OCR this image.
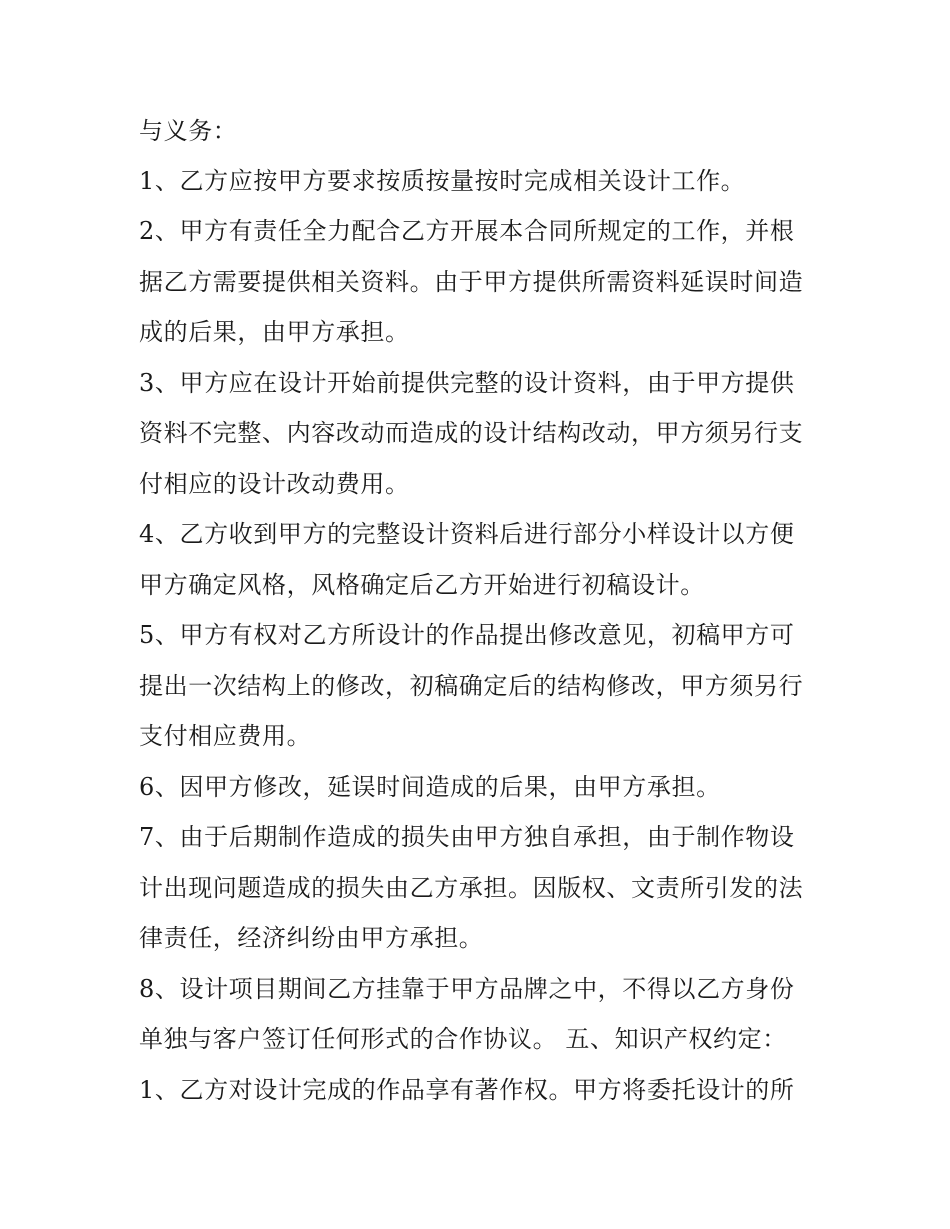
与义务：

1、乙方应按甲方要求按质按量按时完成相关设计工作。

2、甲方有责任全力配合乙方开展本合同所规定的工作，并根

据乙方需要提供相关资料。由于甲方提供所需资料延误时间造

成的后果，由甲方承担。

3、甲方应在设计开始前提供完整的设计资料，由于甲方提供

资料不完整、内容改动而造成的设计结构改动，甲方须另行支

付相应的设计改动费用。

4、乙方收到甲方的完整设计资料后进行部分小样设计以方便

甲方确定风格，风格确定后乙方开始进行初稿设计。

5、甲方有权对乙方所设计的作品提出修改意见，初稿甲方可

提出一次结构上的修改，初稿确定后的结构修改，甲方须另行

支付相应费用。

6、因甲方修改，延误时间造成的后果，由甲方承担。

7、由于后期制作造成的损失由甲方独自承担，由于制作物设

计出现问题造成的损失由乙方承担。因版权、文责所引发的法

律责任，经济纠纷由甲方承担。

8、设计项目期间乙方挂靠于甲方品牌之中，不得以乙方身份

单独与客户签订任何形式的合作协议。 五、知识产权约定：

1、乙方对设计完成的作品享有著作权。甲方将委托设计的所
